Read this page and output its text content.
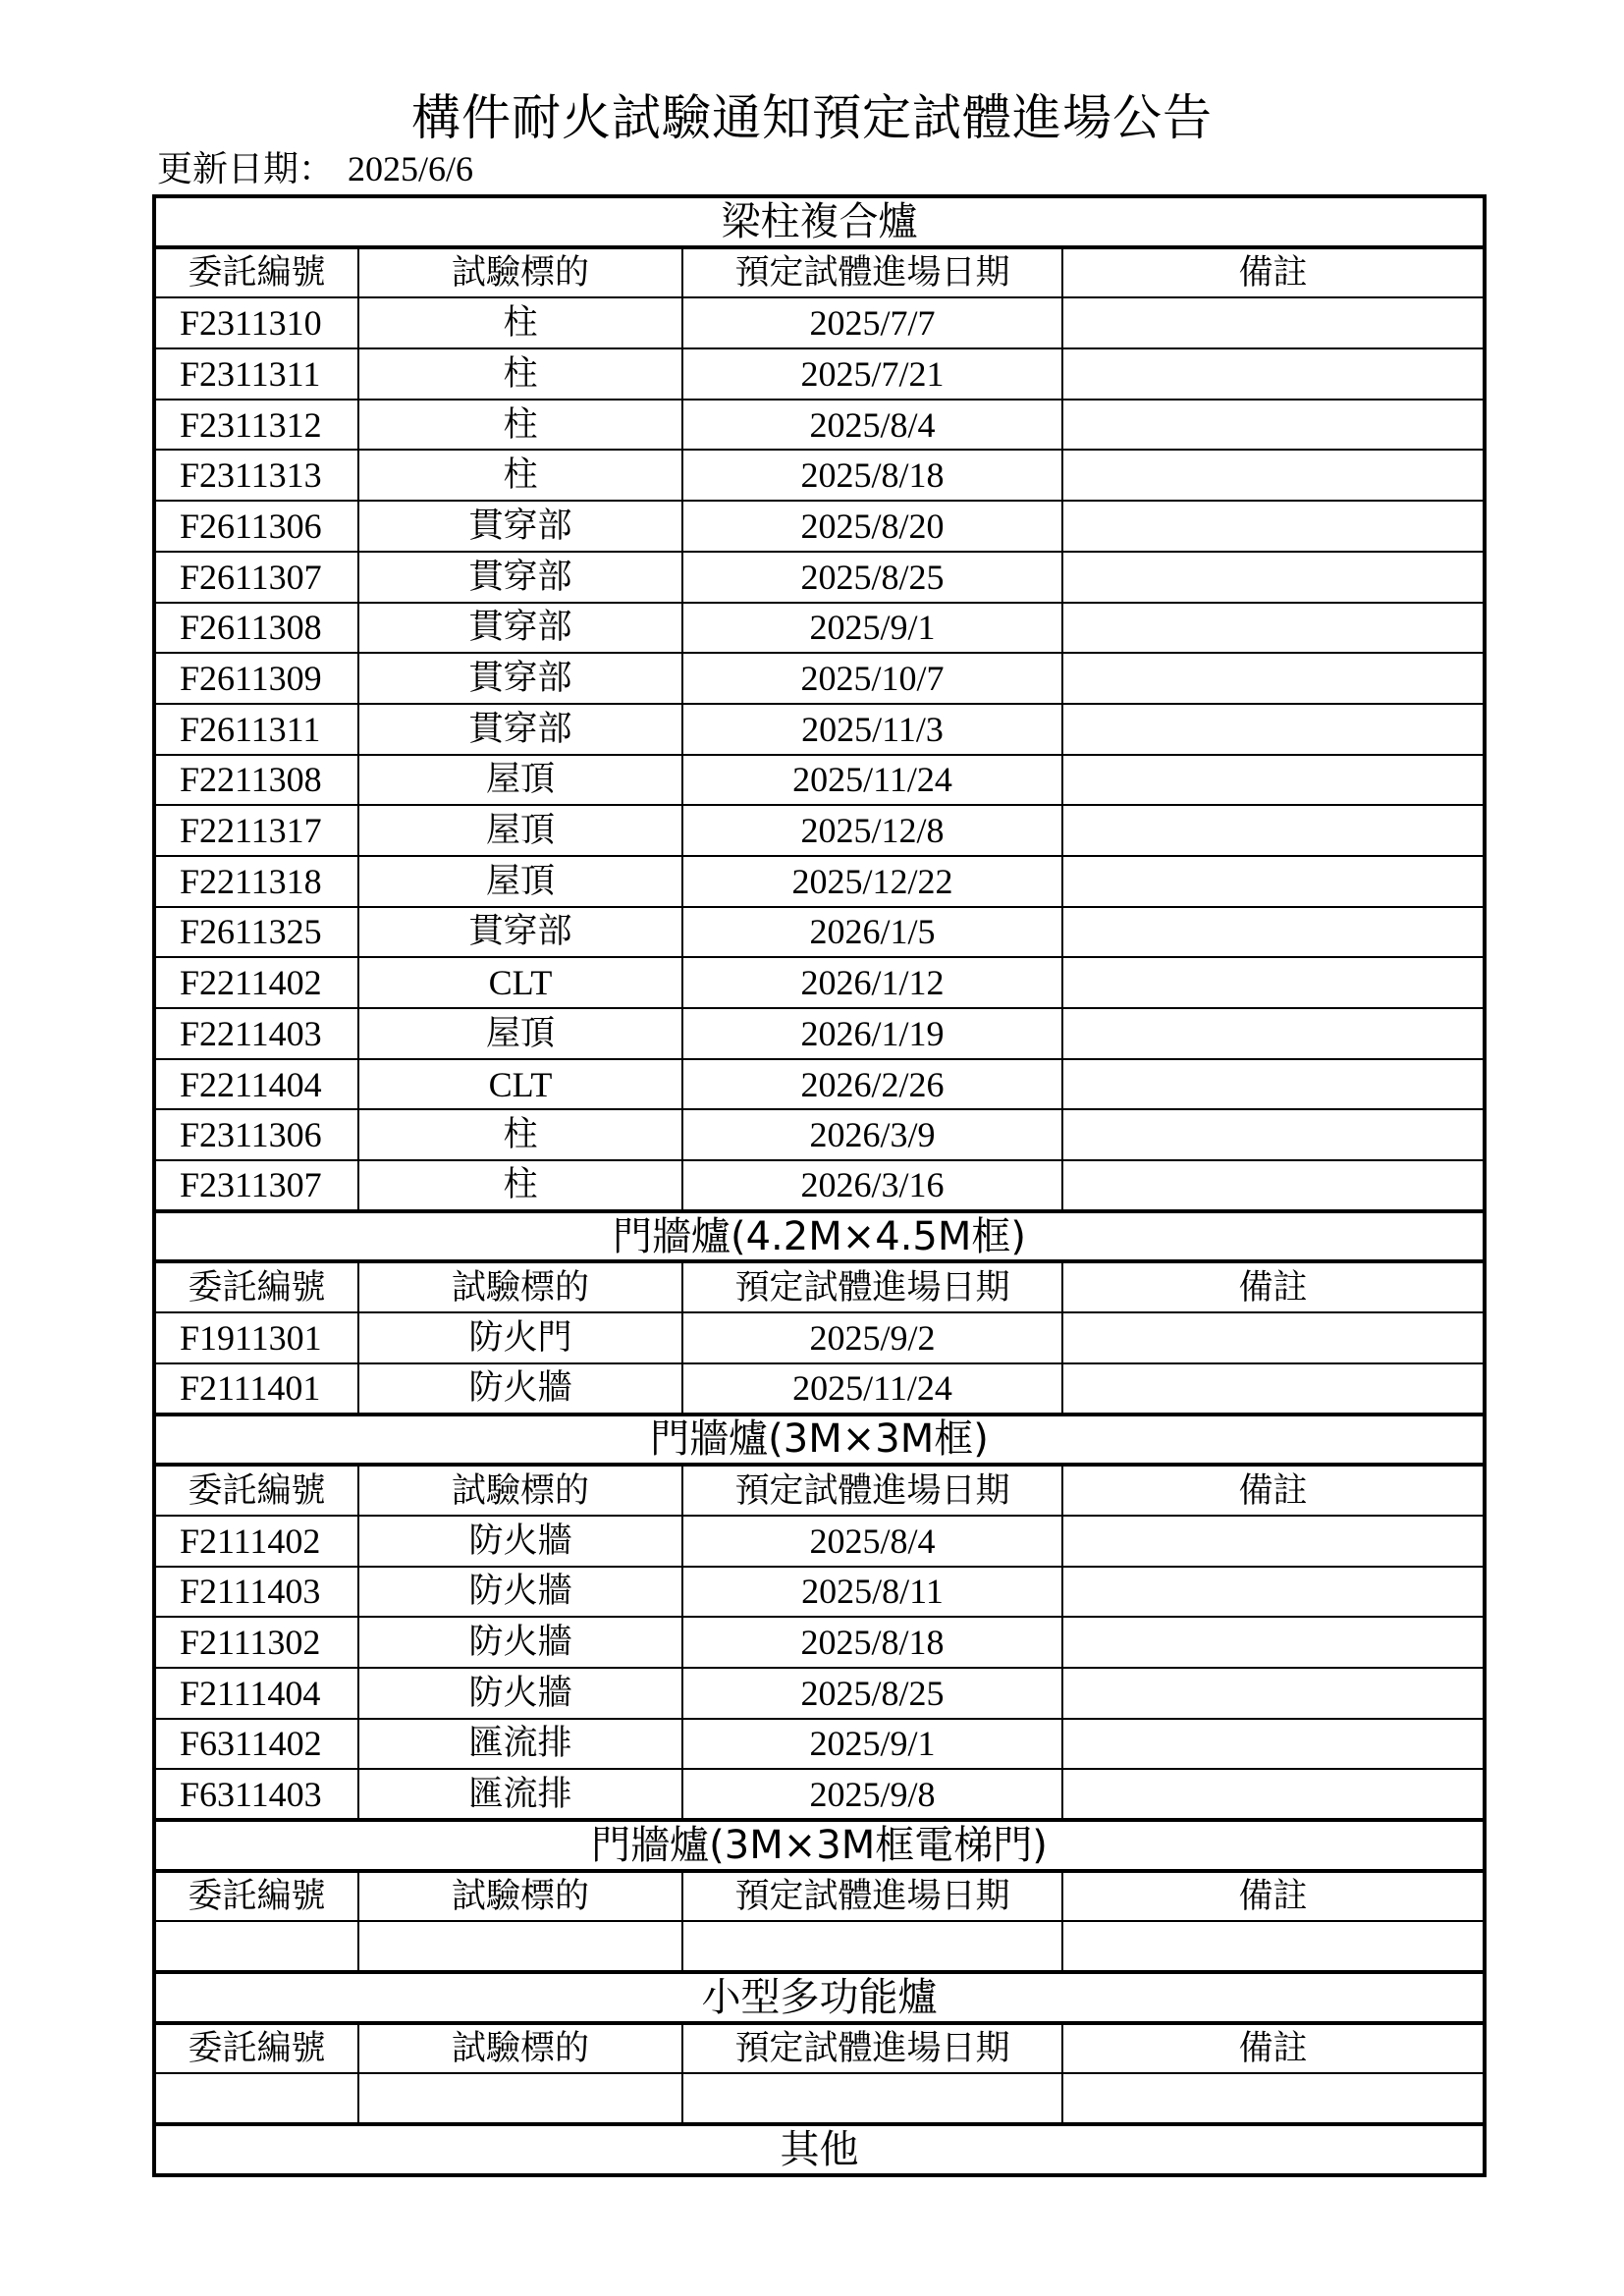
構件耐火試驗通知預定試體進場公告
更新日期： 2025/6/6
梁柱複合爐			
委託編號	試驗標的	預定試體進場日期	備註
F2311310	柱	2025/7/7	
F2311311	柱	2025/7/21	
F2311312	柱	2025/8/4	
F2311313	柱	2025/8/18	
F2611306	貫穿部	2025/8/20	
F2611307	貫穿部	2025/8/25	
F2611308	貫穿部	2025/9/1	
F2611309	貫穿部	2025/10/7	
F2611311	貫穿部	2025/11/3	
F2211308	屋頂	2025/11/24	
F2211317	屋頂	2025/12/8	
F2211318	屋頂	2025/12/22	
F2611325	貫穿部	2026/1/5	
F2211402	CLT	2026/1/12	
F2211403	屋頂	2026/1/19	
F2211404	CLT	2026/2/26	
F2311306	柱	2026/3/9	
F2311307	柱	2026/3/16	
門牆爐(4.2M×4.5M框)			
委託編號	試驗標的	預定試體進場日期	備註
F1911301	防火門	2025/9/2	
F2111401	防火牆	2025/11/24	
門牆爐(3M×3M框)			
委託編號	試驗標的	預定試體進場日期	備註
F2111402	防火牆	2025/8/4	
F2111403	防火牆	2025/8/11	
F2111302	防火牆	2025/8/18	
F2111404	防火牆	2025/8/25	
F6311402	匯流排	2025/9/1	
F6311403	匯流排	2025/9/8	
門牆爐(3M×3M框電梯門)			
委託編號	試驗標的	預定試體進場日期	備註

小型多功能爐			
委託編號	試驗標的	預定試體進場日期	備註

其他			
